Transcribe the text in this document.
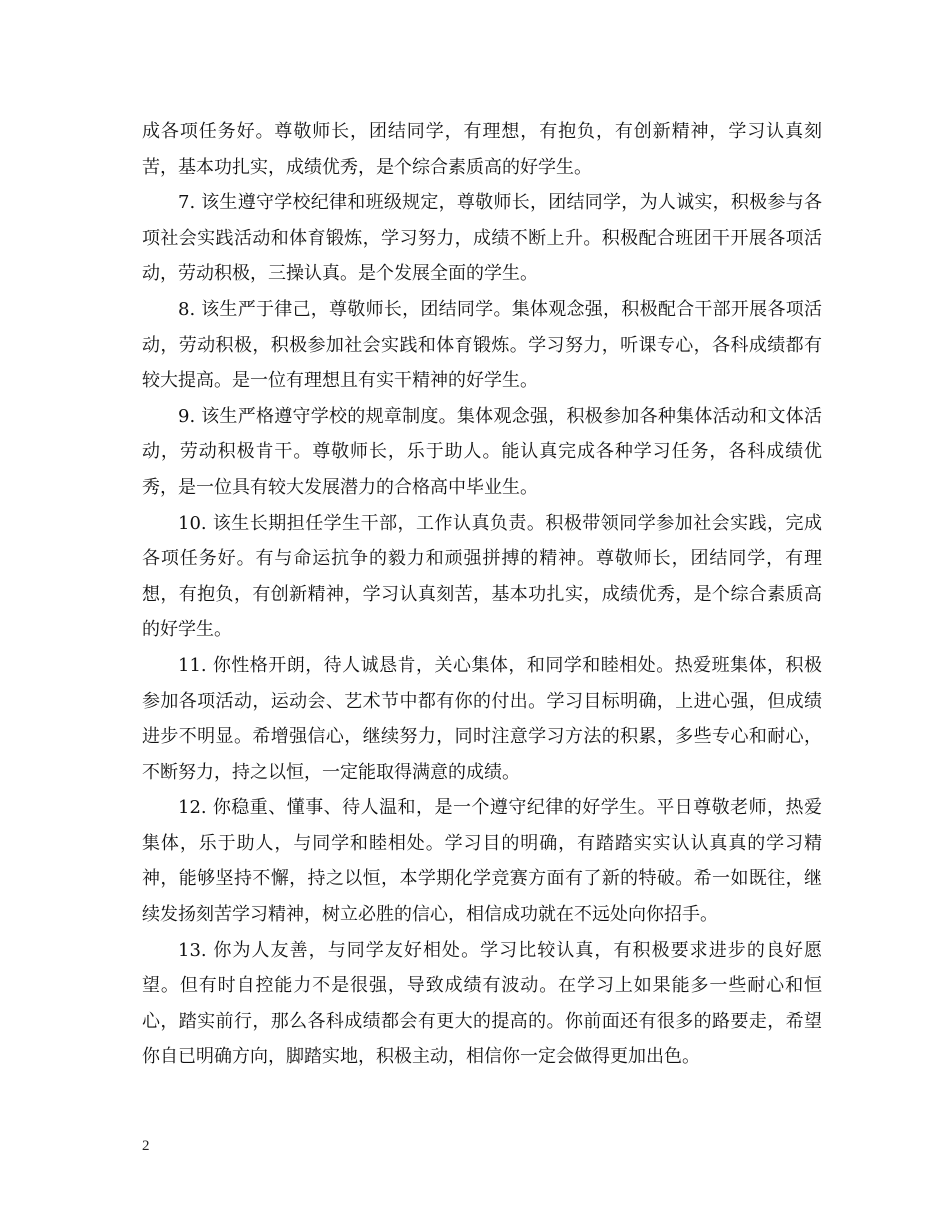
成各项任务好。尊敬师长，团结同学，有理想，有抱负，有创新精神，学习认真刻苦，基本功扎实，成绩优秀，是个综合素质高的好学生。

7. 该生遵守学校纪律和班级规定，尊敬师长，团结同学，为人诚实，积极参与各项社会实践活动和体育锻炼，学习努力，成绩不断上升。积极配合班团干开展各项活动，劳动积极，三操认真。是个发展全面的学生。

8. 该生严于律己，尊敬师长，团结同学。集体观念强，积极配合干部开展各项活动，劳动积极，积极参加社会实践和体育锻炼。学习努力，听课专心，各科成绩都有较大提高。是一位有理想且有实干精神的好学生。

9. 该生严格遵守学校的规章制度。集体观念强，积极参加各种集体活动和文体活动，劳动积极肯干。尊敬师长，乐于助人。能认真完成各种学习任务，各科成绩优秀，是一位具有较大发展潜力的合格高中毕业生。

10. 该生长期担任学生干部，工作认真负责。积极带领同学参加社会实践，完成各项任务好。有与命运抗争的毅力和顽强拼搏的精神。尊敬师长，团结同学，有理想，有抱负，有创新精神，学习认真刻苦，基本功扎实，成绩优秀，是个综合素质高的好学生。

11. 你性格开朗，待人诚恳肯，关心集体，和同学和睦相处。热爱班集体，积极参加各项活动，运动会、艺术节中都有你的付出。学习目标明确，上进心强，但成绩进步不明显。希增强信心，继续努力，同时注意学习方法的积累，多些专心和耐心，不断努力，持之以恒，一定能取得满意的成绩。

12. 你稳重、懂事、待人温和，是一个遵守纪律的好学生。平日尊敬老师，热爱集体，乐于助人，与同学和睦相处。学习目的明确，有踏踏实实认认真真的学习精神，能够坚持不懈，持之以恒，本学期化学竞赛方面有了新的特破。希一如既往，继续发扬刻苦学习精神，树立必胜的信心，相信成功就在不远处向你招手。

13. 你为人友善，与同学友好相处。学习比较认真，有积极要求进步的良好愿望。但有时自控能力不是很强，导致成绩有波动。在学习上如果能多一些耐心和恒心，踏实前行，那么各科成绩都会有更大的提高的。你前面还有很多的路要走，希望你自已明确方向，脚踏实地，积极主动，相信你一定会做得更加出色。

2
